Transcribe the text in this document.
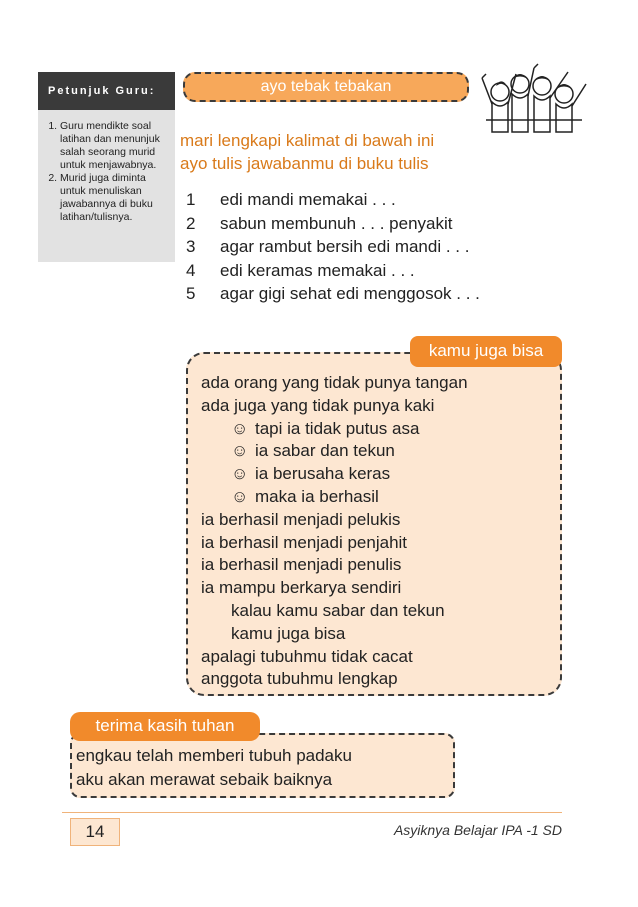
Petunjuk Guru:
1. Guru mendikte soal latihan dan menunjuk salah seorang murid untuk menjawabnya.
2. Murid juga diminta untuk menuliskan jawabannya di buku latihan/tulisnya.
ayo tebak tebakan
mari lengkapi kalimat di bawah ini
ayo tulis jawabanmu di buku tulis
1	edi mandi memakai . . .
2	sabun membunuh . . . penyakit
3	agar rambut bersih edi mandi . . .
4	edi keramas memakai . . .
5	agar gigi sehat edi menggosok . . .
kamu juga bisa
ada orang yang tidak punya tangan
ada juga yang tidak punya kaki
☺ tapi ia tidak putus asa
☺ ia sabar dan tekun
☺ ia berusaha keras
☺ maka ia berhasil
ia berhasil menjadi pelukis
ia berhasil menjadi penjahit
ia berhasil menjadi penulis
ia mampu berkarya sendiri
kalau kamu sabar dan tekun
kamu juga bisa
apalagi tubuhmu tidak cacat
anggota tubuhmu lengkap
terima kasih tuhan
engkau telah memberi tubuh padaku
aku akan merawat sebaik baiknya
14	Asyiknya Belajar IPA -1 SD
